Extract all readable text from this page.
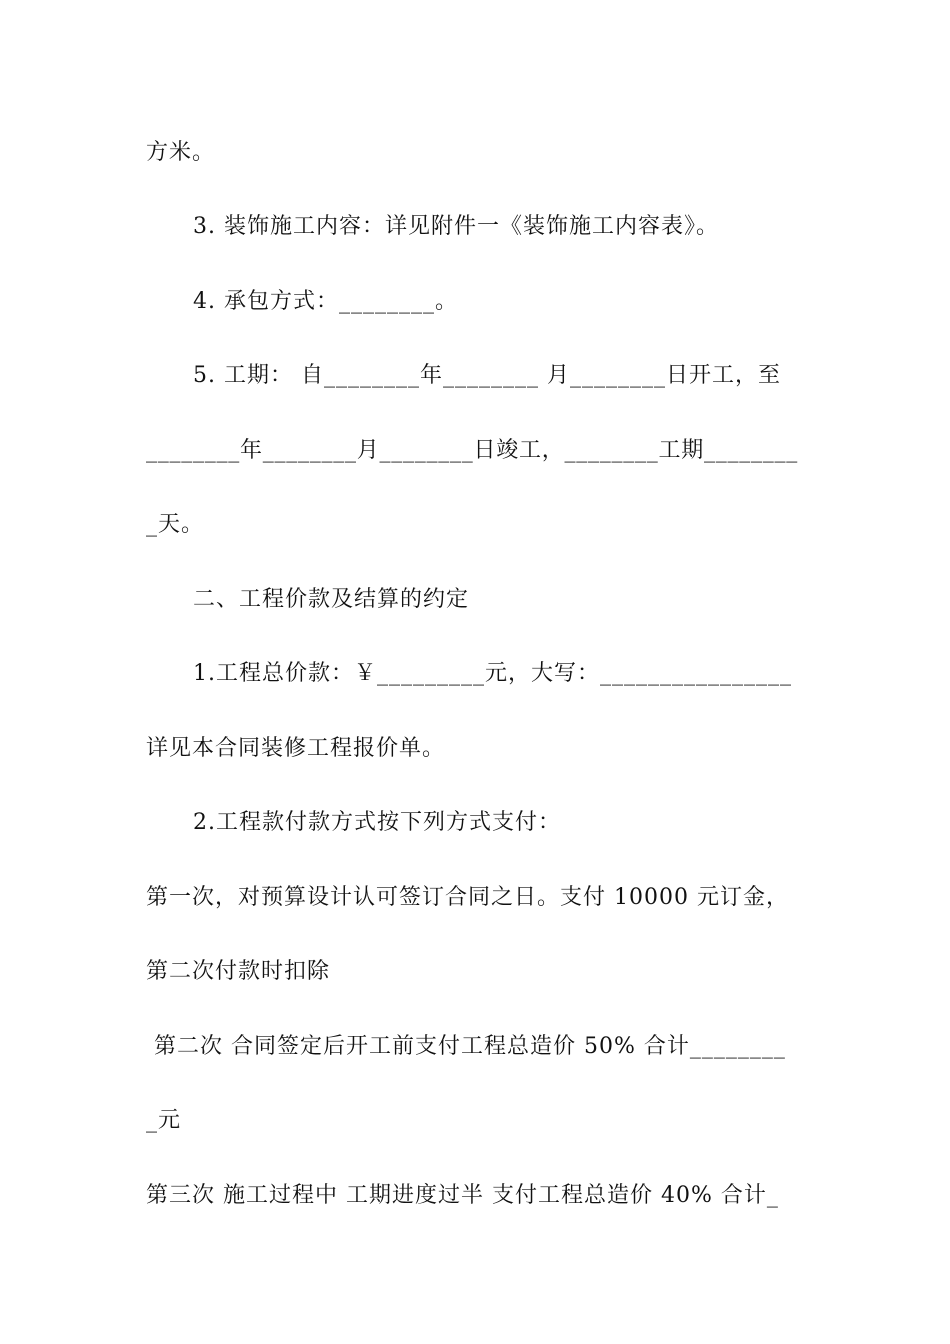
方米。
3. 装饰施工内容：详见附件一《装饰施工内容表》。
4. 承包方式：________。
5. 工期： 自________年________ 月________日开工，至
________年________月________日竣工，________工期________
_天。
二、工程价款及结算的约定
1.工程总价款：￥_________元，大写：________________
详见本合同装修工程报价单。
2.工程款付款方式按下列方式支付：
第一次，对预算设计认可签订合同之日。支付 10000 元订金，
第二次付款时扣除
第二次 合同签定后开工前支付工程总造价 50% 合计________
_元
第三次 施工过程中 工期进度过半 支付工程总造价 40% 合计_
